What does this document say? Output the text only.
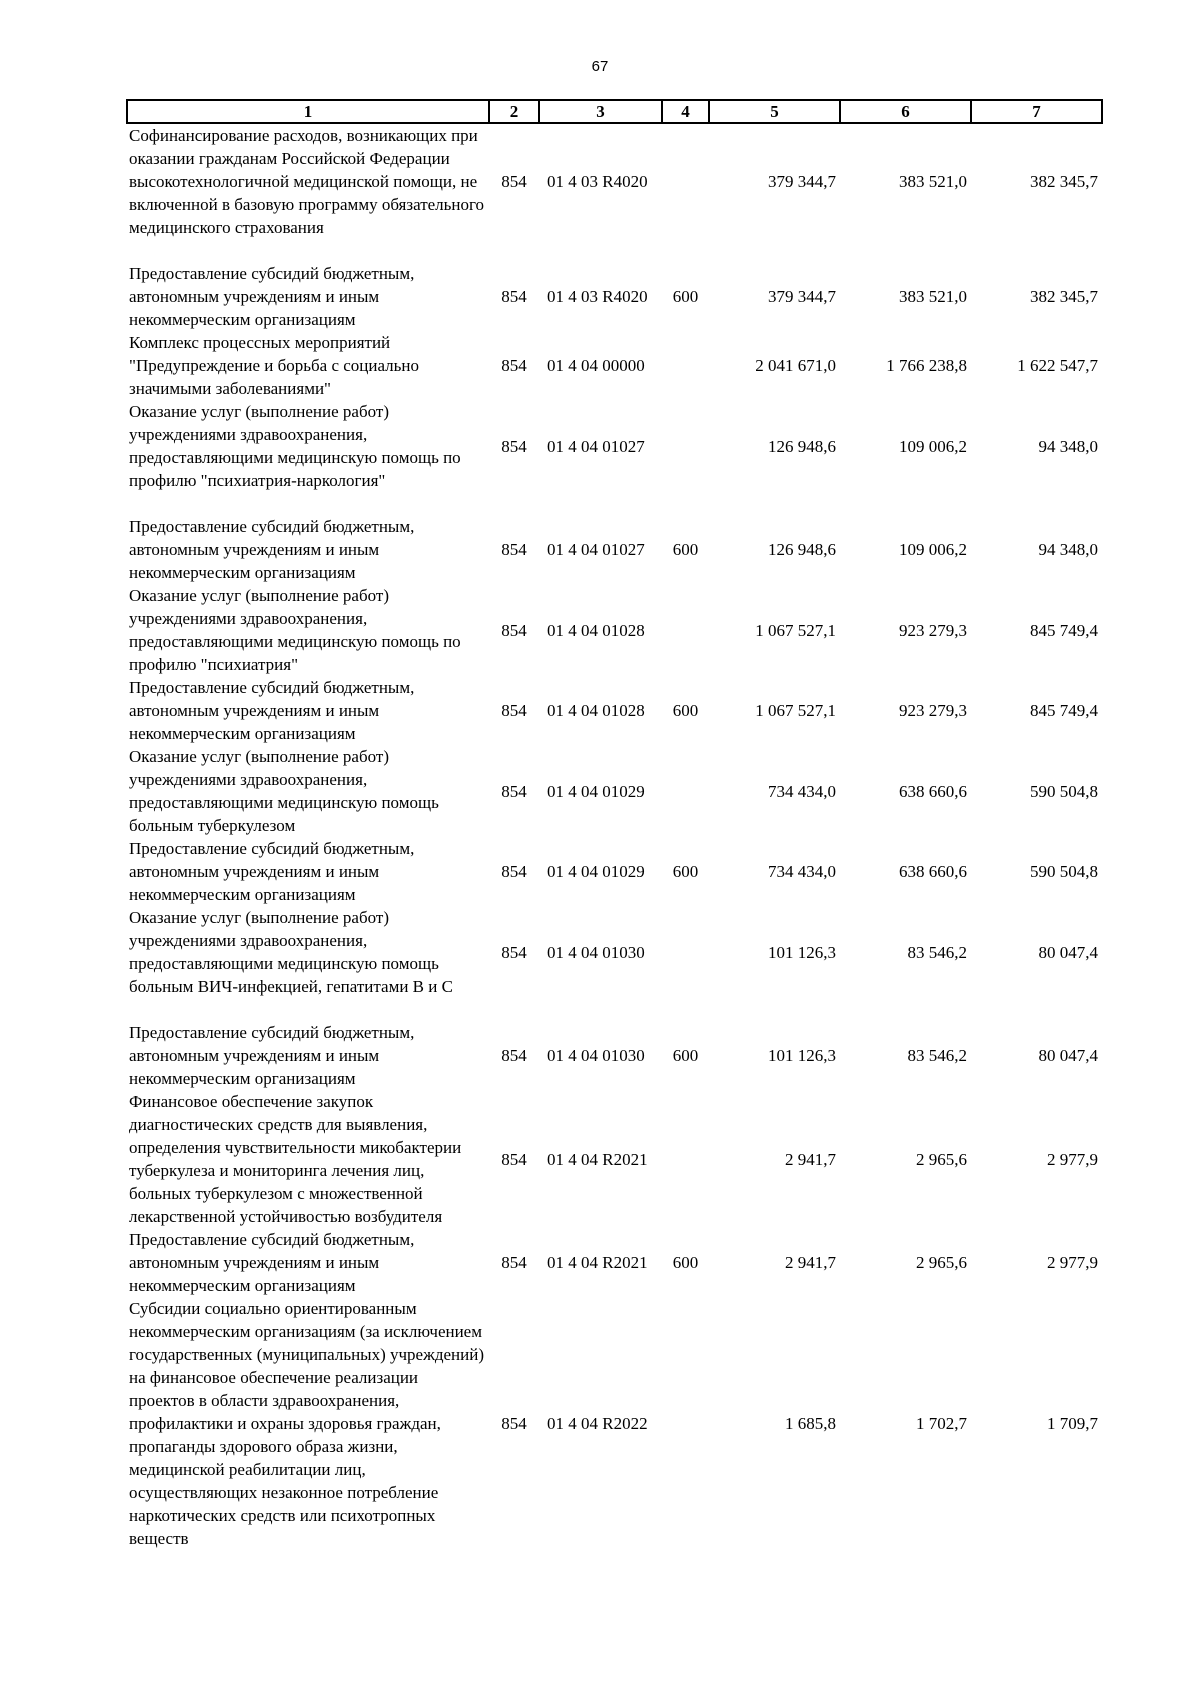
67
1	2	3	4	5	6	7
Софинансирование расходов, возникающих при оказании гражданам Российской Федерации высокотехнологичной медицинской помощи, не включенной в базовую программу обязательного медицинского страхования	854	01 4 03 R4020		379 344,7	383 521,0	382 345,7

Предоставление субсидий бюджетным, автономным учреждениям и иным некоммерческим организациям	854	01 4 03 R4020	600	379 344,7	383 521,0	382 345,7
Комплекс процессных мероприятий "Предупреждение и борьба с социально значимыми заболеваниями"	854	01 4 04 00000		2 041 671,0	1 766 238,8	1 622 547,7
Оказание услуг (выполнение работ) учреждениями здравоохранения, предоставляющими медицинскую помощь по профилю "психиатрия-наркология"	854	01 4 04 01027		126 948,6	109 006,2	94 348,0

Предоставление субсидий бюджетным, автономным учреждениям и иным некоммерческим организациям	854	01 4 04 01027	600	126 948,6	109 006,2	94 348,0
Оказание услуг (выполнение работ) учреждениями здравоохранения, предоставляющими медицинскую помощь по профилю "психиатрия"	854	01 4 04 01028		1 067 527,1	923 279,3	845 749,4
Предоставление субсидий бюджетным, автономным учреждениям и иным некоммерческим организациям	854	01 4 04 01028	600	1 067 527,1	923 279,3	845 749,4
Оказание услуг (выполнение работ) учреждениями здравоохранения, предоставляющими медицинскую помощь больным туберкулезом	854	01 4 04 01029		734 434,0	638 660,6	590 504,8
Предоставление субсидий бюджетным, автономным учреждениям и иным некоммерческим организациям	854	01 4 04 01029	600	734 434,0	638 660,6	590 504,8
Оказание услуг (выполнение работ) учреждениями здравоохранения, предоставляющими медицинскую помощь больным ВИЧ-инфекцией, гепатитами В и С	854	01 4 04 01030		101 126,3	83 546,2	80 047,4

Предоставление субсидий бюджетным, автономным учреждениям и иным некоммерческим организациям	854	01 4 04 01030	600	101 126,3	83 546,2	80 047,4
Финансовое обеспечение закупок диагностических средств для выявления, определения чувствительности микобактерии туберкулеза и мониторинга лечения лиц, больных туберкулезом с множественной лекарственной устойчивостью возбудителя	854	01 4 04 R2021		2 941,7	2 965,6	2 977,9
Предоставление субсидий бюджетным, автономным учреждениям и иным некоммерческим организациям	854	01 4 04 R2021	600	2 941,7	2 965,6	2 977,9
Субсидии социально ориентированным некоммерческим организациям (за исключением государственных (муниципальных) учреждений) на финансовое обеспечение реализации проектов в области здравоохранения, профилактики и охраны здоровья граждан, пропаганды здорового образа жизни, медицинской реабилитации лиц, осуществляющих незаконное потребление наркотических средств или психотропных веществ	854	01 4 04 R2022		1 685,8	1 702,7	1 709,7
